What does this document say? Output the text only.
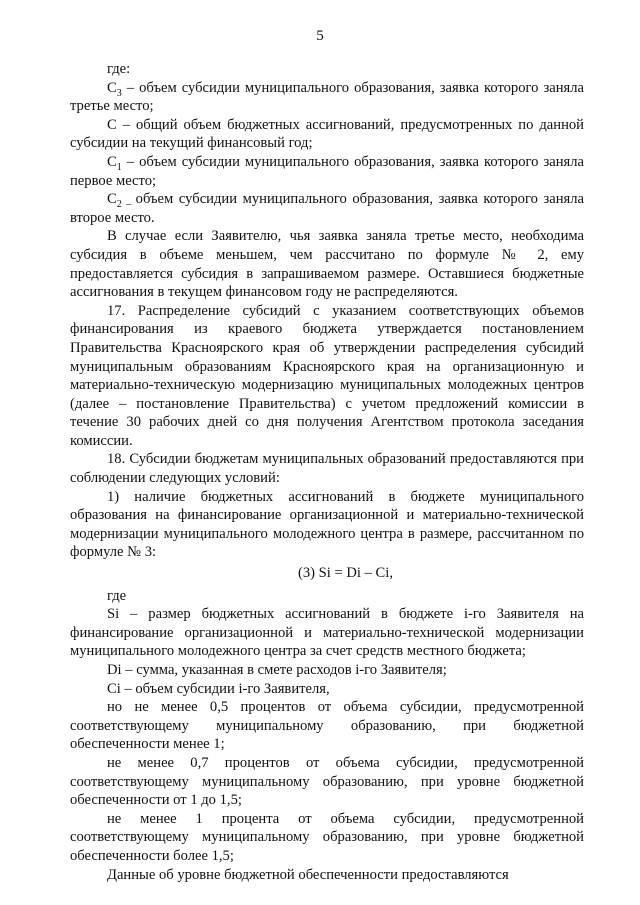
5

где:

$C_3$ – объем субсидии муниципального образования, заявка которого заняла третье место;

С – общий объем бюджетных ассигнований, предусмотренных по данной субсидии на текущий финансовый год;

$C_1$ – объем субсидии муниципального образования, заявка которого заняла первое место;

$C_{2 -}$ объем субсидии муниципального образования, заявка которого заняла второе место.

В случае если Заявителю, чья заявка заняла третье место, необходима субсидия в объеме меньшем, чем рассчитано по формуле № 2, ему предоставляется субсидия в запрашиваемом размере. Оставшиеся бюджетные ассигнования в текущем финансовом году не распределяются.

17. Распределение субсидий с указанием соответствующих объемов финансирования из краевого бюджета утверждается постановлением Правительства Красноярского края об утверждении распределения субсидий муниципальным образованиям Красноярского края на организационную и материально-техническую модернизацию муниципальных молодежных центров (далее – постановление Правительства) с учетом предложений комиссии в течение 30 рабочих дней со дня получения Агентством протокола заседания комиссии.

18. Субсидии бюджетам муниципальных образований предоставляются при соблюдении следующих условий:

1) наличие бюджетных ассигнований в бюджете муниципального образования на финансирование организационной и материально-технической модернизации муниципального молодежного центра в размере, рассчитанном по формуле № 3:

(3) Si = Di – Ci,

где

Si – размер бюджетных ассигнований в бюджете i-го Заявителя на финансирование организационной и материально-технической модернизации муниципального молодежного центра за счет средств местного бюджета;

Di – сумма, указанная в смете расходов i-го Заявителя;

Ci – объем субсидии i-го Заявителя,

но не менее 0,5 процентов от объема субсидии, предусмотренной соответствующему муниципальному образованию, при бюджетной обеспеченности менее 1;

не менее 0,7 процентов от объема субсидии, предусмотренной соответствующему муниципальному образованию, при уровне бюджетной обеспеченности от 1 до 1,5;

не менее 1 процента от объема субсидии, предусмотренной соответствующему муниципальному образованию, при уровне бюджетной обеспеченности более 1,5;

Данные об уровне бюджетной обеспеченности предоставляются
